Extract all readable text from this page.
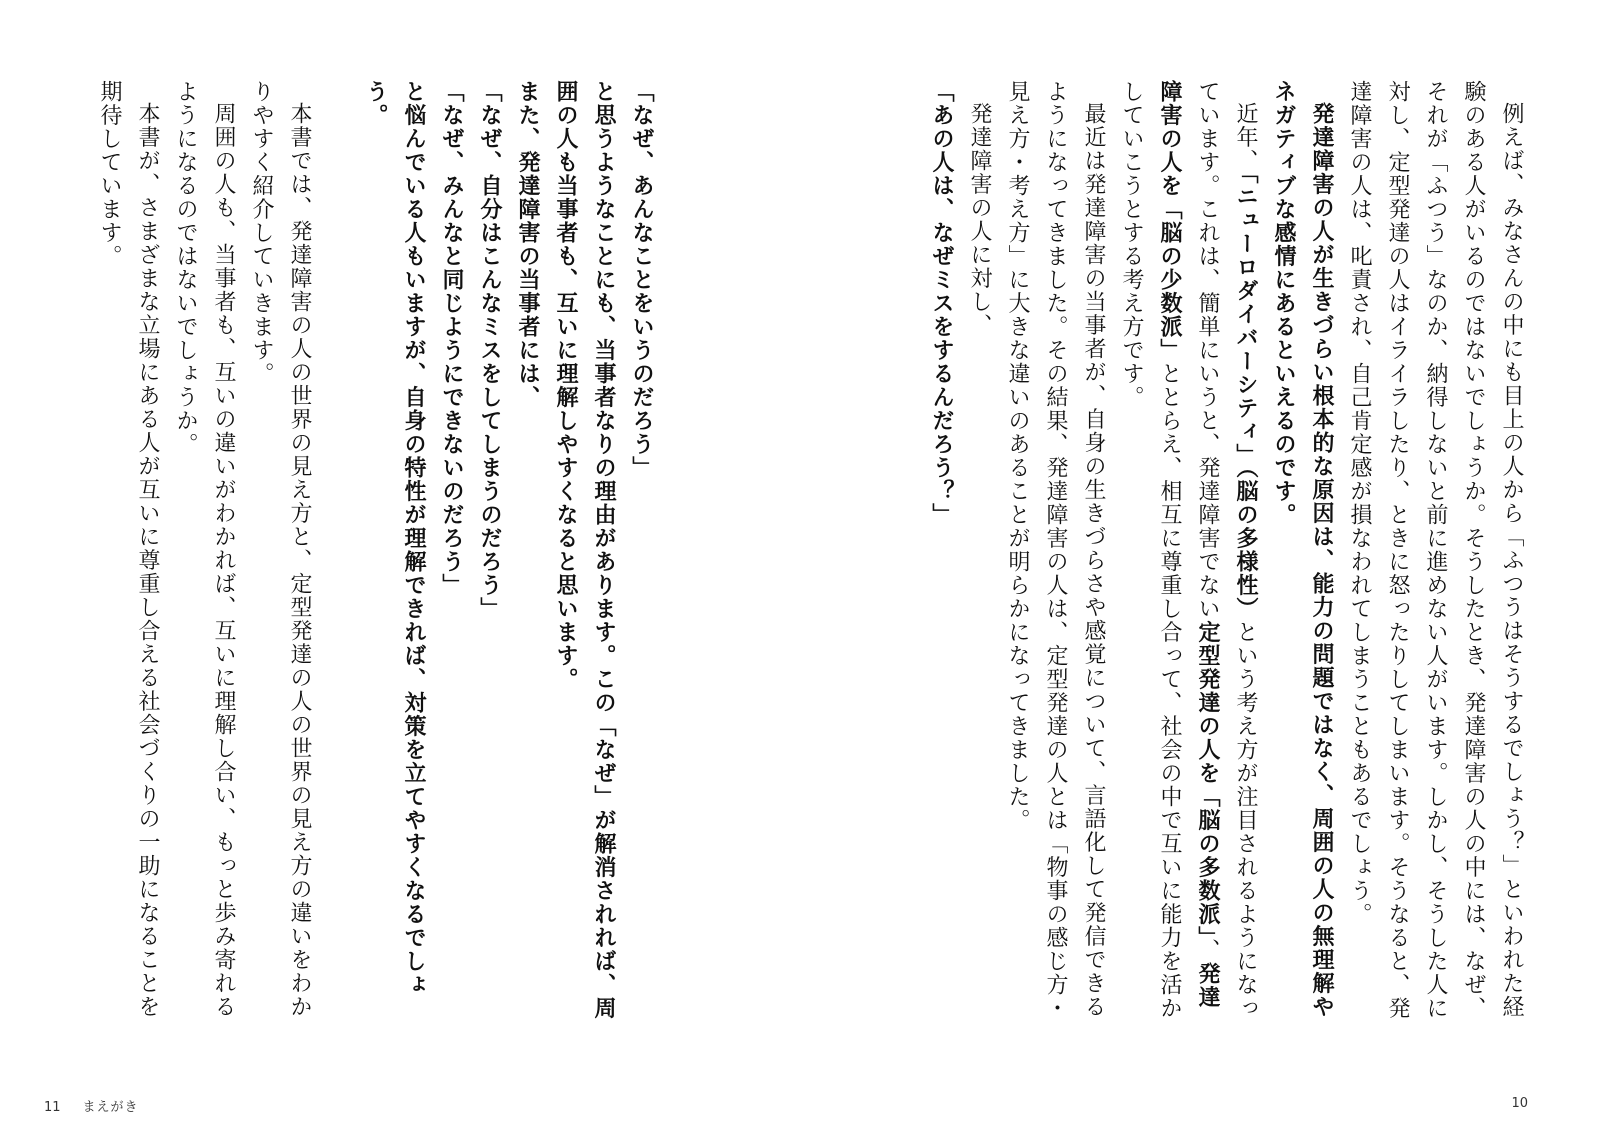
例えば、みなさんの中にも目上の人から「ふつうはそうするでしょう？」といわれた経験のある人がいるのではないでしょうか。そうしたとき、発達障害の人の中には、なぜ、それが「ふつう」なのか、納得しないと前に進めない人がいます。しかし、そうした人に対し、定型発達の人はイライラしたり、ときに怒ったりしてしまいます。そうなると、発達障害の人は、叱責され、自己肯定感が損なわれてしまうこともあるでしょう。

発達障害の人が生きづらい根本的な原因は、能力の問題ではなく、周囲の人の無理解やネガティブな感情にあるといえるのです。

近年、「ニューロダイバーシティ」（脳の多様性）という考え方が注目されるようになっています。これは、簡単にいうと、発達障害でない定型発達の人を「脳の多数派」、発達障害の人を「脳の少数派」ととらえ、相互に尊重し合って、社会の中で互いに能力を活かしていこうとする考え方です。

最近は発達障害の当事者が、自身の生きづらさや感覚について、言語化して発信できるようになってきました。その結果、発達障害の人は、定型発達の人とは「物事の感じ方・見え方・考え方」に大きな違いのあることが明らかになってきました。

発達障害の人に対し、

「あの人は、なぜミスをするんだろう？」

10

「なぜ、あんなことをいうのだろう」

と思うようなことにも、当事者なりの理由があります。この「なぜ」が解消されれば、周囲の人も当事者も、互いに理解しやすくなると思います。

また、発達障害の当事者には、

「なぜ、自分はこんなミスをしてしまうのだろう」

「なぜ、みんなと同じようにできないのだろう」

と悩んでいる人もいますが、自身の特性が理解できれば、対策を立てやすくなるでしょう。

本書では、発達障害の人の世界の見え方と、定型発達の人の世界の見え方の違いをわかりやすく紹介していきます。

周囲の人も、当事者も、互いの違いがわかれば、互いに理解し合い、もっと歩み寄れるようになるのではないでしょうか。

本書が、さまざまな立場にある人が互いに尊重し合える社会づくりの一助になることを期待しています。

11 まえがき
